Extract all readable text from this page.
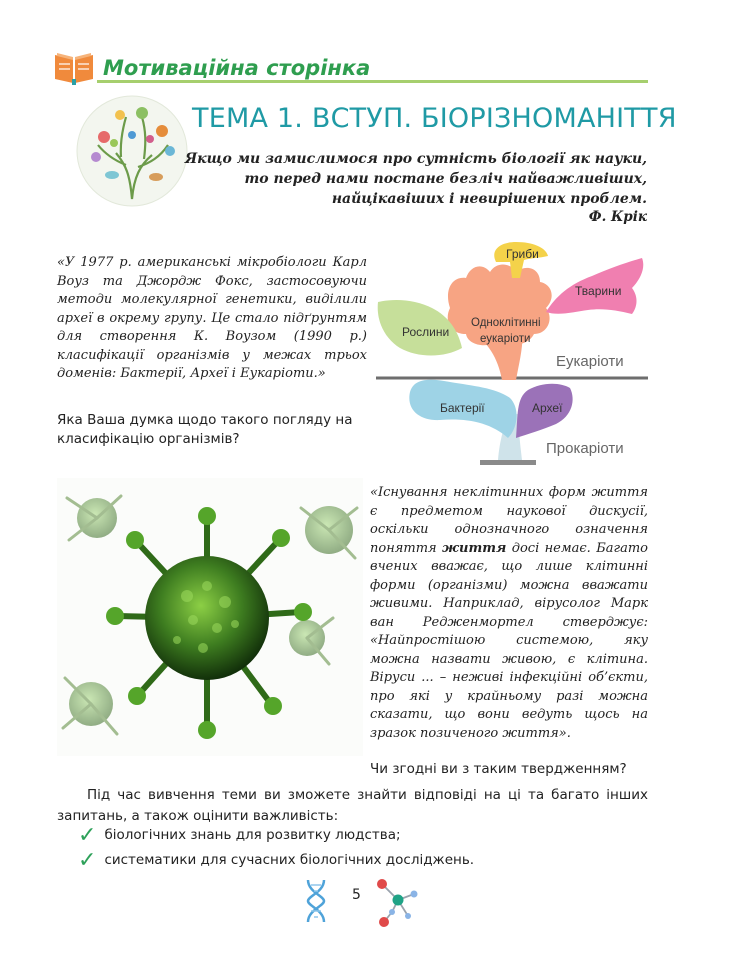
Мотиваційна сторінка
ТЕМА 1. ВСТУП. БІОРІЗНОМАНІТТЯ
Якщо ми замислимося про сутність біології як науки,
то перед нами постане безліч найважливіших,
найцікавіших і невирішених проблем.
Ф. Крік
«У 1977 р. американські мікробіологи Карл Воуз та Джордж Фокс, застосовуючи методи молекулярної генетики, виділили археї в окрему групу. Це стало підґрунтям для створення К. Воузом (1990 р.) класифікації організмів у межах трьох доменів: Бактерії, Археї і Еукаріоти.»
Яка Ваша думка щодо такого погляду на класифікацію організмів?
Гриби
Тварини
Рослини
Одноклітинні
еукаріоти
Еукаріоти
Бактерії	Археї
Прокаріоти
«Існування неклітинних форм життя є предметом наукової дискусії, оскільки однозначного означення поняття життя досі немає. Багато вчених вважає, що лише клітинні форми (організми) можна вважати живими. Наприклад, вірусолог Марк ван Редженмортел стверджує: «Найпростішою системою, яку можна назвати живою, є клітина. Віруси ... – неживі інфекційні об’єкти, про які у крайньому разі можна сказати, що вони ведуть щось на зразок позиченого життя».
Чи згодні ви з таким твердженням?
Під час вивчення теми ви зможете знайти відповіді на ці та багато інших запитань, а також оцінити важливість:
✓ біологічних знань для розвитку людства;
✓ систематики для сучасних біологічних досліджень.
5
